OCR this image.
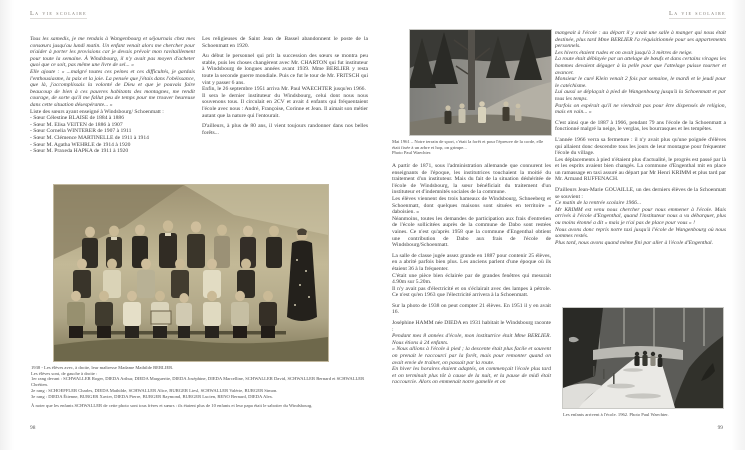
La vie scolaire

Tous les samedis, je me rendais à Wangenbourg et séjournais chez mes consœurs jusqu'au lundi matin. Un enfant venait alors me chercher pour m'aider à porter les provisions car je devais prévoir mon ravitaillement pour toute la semaine. À Windsbourg, il n'y avait pas moyen d'acheter quoi que ce soit, pas même une livre de sel... »

Elle ajoute : « ...malgré toutes ces peines et ces difficultés, je gardais l'enthousiasme, la paix et la joie. La pensée que j'étais dans l'obéissance, que là, j'accomplissais la volonté de Dieu et que je pouvais faire beaucoup de bien à ces pauvres habitants des montagnes, me rendit courage, de sorte qu'il me fallut peu de temps pour me trouver heureuse dans cette situation désespérante... »

Liste des sœurs ayant enseigné à Windsbourg/ Schoenmatt :

- Sœur Célestine BLAISE de 1884 à 1886
- Sœur M. Elisa VEITEN de 1886 à 1907
- Sœur Cornelia WINTERER de 1907 à 1911
- Sœur M. Clémence MARTINELLE de 1911 à 1914
- Sœur M. Agatha WEHRLE de 1914 à 1920
- Sœur M. Praxeda HAPKA de 1911 à 1920

Les religieuses de Saint Jean de Bassel abandonnent le poste de la Schoenmatt en 1920.

Au début le personnel qui prit la succession des sœurs se montra peu stable, puis les choses changèrent avec Mr. CHARTON qui fut instituteur à Windsbourg de longues années avant 1939. Mme BERLIER y resta toute la seconde guerre mondiale. Puis ce fut le tour de Mr. FRITSCH qui vint y passer 6 ans.

Enfin, le 26 septembre 1951 arriva Mr. Paul WAECHTER jusqu'en 1966.

Il sera le dernier instituteur du Windsbourg, celui dont nous nous souvenons tous. Il circulait en 2CV et avait 4 enfants qui fréquentaient l'école avec nous : André, Françoise, Corinne et Jean. Il aimait son métier autant que la nature qui l'entourait.

D'ailleurs, à plus de 80 ans, il vient toujours randonner dans nos belles forêts...

1938 - Les élèves avec, à droite, leur maîtresse Madame Mathilde BERLIER.
Les élèves sont, de gauche à droite :
1er rang devant : SCHWALLER Roger, DIEDA Arthur, DIEDA Marguerite, DIEDA Joséphine, DIEDA Marcelline, SCHWALLER David, SCHWALLER Bernard et SCHWALLER Chrétien.
2e rang : SCHOEFFLER Charles, DIEDA Mathilde, SCHWALLER Alice, BURGER Liesl, SCHWALLER Valérie, BURGER Simon.
3e rang : DIEDA Étienne, BURGER Xavier, DIEDA Pierre, BURGER Raymond, BURGER Lucien, RENO Bernard, DIEDA Alex.
À noter que les enfants SCHWALLER de cette photo sont tous frères et sœurs : ils étaient plus de 10 enfants et leur papa était le sabotier du Windsbourg.
98
La vie scolaire
Mai 1961 – Notre terrain de sport, c'était la forêt et pour l'épreuve de la corde, elle était fixée à un arbre et hop, on grimpe...
Photo Paul Waechter.

A partir de 1871, sous l'administration allemande que connurent les enseignants de l'époque, les institutrices touchaient la moitié du traitement d'un instituteur. Mais du fait de la situation déshéritée de l'école de Windsbourg, la sœur bénéficiait du traitement d'un instituteur et d'indemnités sociales de la commune.

Les élèves viennent des trois hameaux de Windsbourg, Schneeberg et Schoenmatt, dont quelques maisons sont situées en territoire « daboisien. »

Néanmoins, toutes les demandes de participation aux frais d'entretien de l'école sollicitées auprès de la commune de Dabo sont restées vaines. Ce n'est qu'après 1958 que la commune d'Engenthal obtient une contribution de Dabo aux frais de l'école de Windsbourg/Schoenmatt.

La salle de classe jugée assez grande en 1887 pour contenir 25 élèves, en a abrité parfois bien plus. Les anciens parlent d'une époque où ils étaient 36 à la fréquenter.

C'était une pièce bien éclairée par de grandes fenêtres qui mesurait 4.90m sur 5.20m.

Il n'y avait pas d'électricité et on s'éclairait avec des lampes à pétrole. Ce n'est qu'en 1963 que l'électricité arrivera à la Schoenmatt.

Sur la photo de 1938 on peut compter 21 élèves. En 1951 il y en avait 16.

Joséphine HAMM née DIEDA en 1931 habitait le Windsbourg raconte :

Pendant mes 8 années d'école, mon institutrice était Mme BERLIER. Nous étions à 24 enfants.

« Nous allions à l'école à pied ; la descente était plus facile et souvent on prenait le raccourci par la forêt, mais pour remonter quand on avait envie de traîner, on passait par la route.

En hiver les horaires étaient adaptés, on commençait l'école plus tard et on terminait plus tôt à cause de la nuit, et la pause de midi était raccourcie. Alors on emmenait notre gamelle et on

mangeait à l'école : au départ il y avait une salle à manger qui nous était destinée, plus tard Mme BERLIER l'a réquisitionnée pour ses appartements personnels.

Les hivers étaient rudes et on avait jusqu'à 3 mètres de neige.

La route était déblayée par un attelage de bœufs et dans certains virages les hommes devaient dégager à la pelle pour que l'attelage puisse tourner et avancer.

Monsieur le curé Klein venait 2 fois par semaine, le mardi et le jeudi pour le catéchisme.

Lui aussi se déplaçait à pied de Wangenbourg jusqu'à la Schoenmatt et par tous les temps.

Parfois on espérait qu'il ne viendrait pas pour être dispensés de religion, mais en vain... »

C'est ainsi que de 1887 à 1966, pendant 79 ans l'école de la Schoenmatt a fonctionné malgré la neige, le verglas, les bourrasques et les tempêtes.

L'année 1966 verra sa fermeture : il n'y avait plus qu'une poignée d'élèves qui allaient donc descendre tous les jours de leur montagne pour fréquenter l'école du village.

Les déplacements à pied n'étaient plus d'actualité, le progrès est passé par là et les esprits avaient bien changés. La commune d'Engenthal mit en place un ramassage en taxi assuré au départ par Mr Henri KRIMM et plus tard par Mr. Armand RUFFENACH.

D'ailleurs Jean-Marie GOUAILLE, un des derniers élèves de la Schoenmatt se souvient :

Ce matin de la rentrée scolaire 1966...

Mr KRIMM est venu nous chercher pour nous emmener à l'école. Mais arrivés à l'école d'Engenthal, quand l'instituteur nous a vu débarquer, plus ou moins étonné a dit « mais je n'ai pas de place pour vous » !

Nous avons donc repris notre taxi jusqu'à l'école de Wangenbourg où nous sommes restés.

Plus tard, nous avons quand même fini par aller à l'école d'Engenthal.

Les enfants arrivent à l'école. 1962. Photo Paul Waechter.
99
